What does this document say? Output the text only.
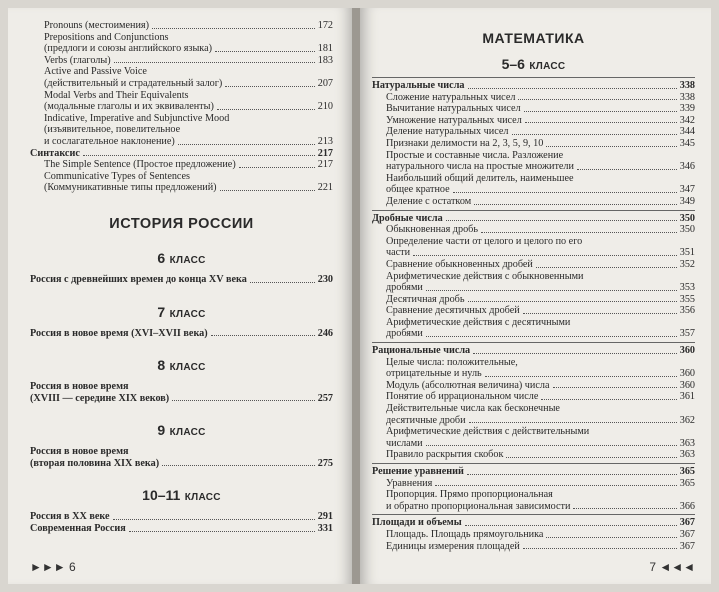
Pronouns (местоимения)	172
Prepositions and Conjunctions
(предлоги и союзы английского языка)	181
Verbs (глаголы)	183
Active and Passive Voice
(действительный и страдательный залог)	207
Modal Verbs and Their Equivalents
(модальные глаголы и их эквиваленты)	210
Indicative, Imperative and Subjunctive Mood
(изъявительное, повелительное
и сослагательное наклонение)	213
Синтаксис	217
The Simple Sentence (Простое предложение)	217
Communicative Types of Sentences
(Коммуникативные типы предложений)	221
ИСТОРИЯ РОССИИ
6 КЛАСС
Россия с древнейших времен до конца XV века	230
7 КЛАСС
Россия в новое время (XVI–XVII века)	246
8 КЛАСС
Россия в новое время
(XVIII — середине XIX веков)	257
9 КЛАСС
Россия в новое время
(вторая половина XIX века)	275
10–11 КЛАСС
Россия в XX веке	291
Современная Россия	331
►►► 6
МАТЕМАТИКА
5–6 КЛАСС
Натуральные числа	338
Сложение натуральных чисел	338
Вычитание натуральных чисел	339
Умножение натуральных чисел	342
Деление натуральных чисел	344
Признаки делимости на 2, 3, 5, 9, 10	345
Простые и составные числа. Разложение
натурального числа на простые множители	346
Наибольший общий делитель, наименьшее
общее кратное	347
Деление с остатком	349
Дробные числа	350
Обыкновенная дробь	350
Определение части от целого и целого по его
части	351
Сравнение обыкновенных дробей	352
Арифметические действия с обыкновенными
дробями	353
Десятичная дробь	355
Сравнение десятичных дробей	356
Арифметические действия с десятичными
дробями	357
Рациональные числа	360
Целые числа: положительные,
отрицательные и нуль	360
Модуль (абсолютная величина) числа	360
Понятие об иррациональном числе	361
Действительные числа как бесконечные
десятичные дроби	362
Арифметические действия с действительными
числами	363
Правило раскрытия скобок	363
Решение уравнений	365
Уравнения	365
Пропорция. Прямо пропорциональная
и обратно пропорциональная зависимости	366
Площади и объемы	367
Площадь. Площадь прямоугольника	367
Единицы измерения площадей	367
7 ◄◄◄
